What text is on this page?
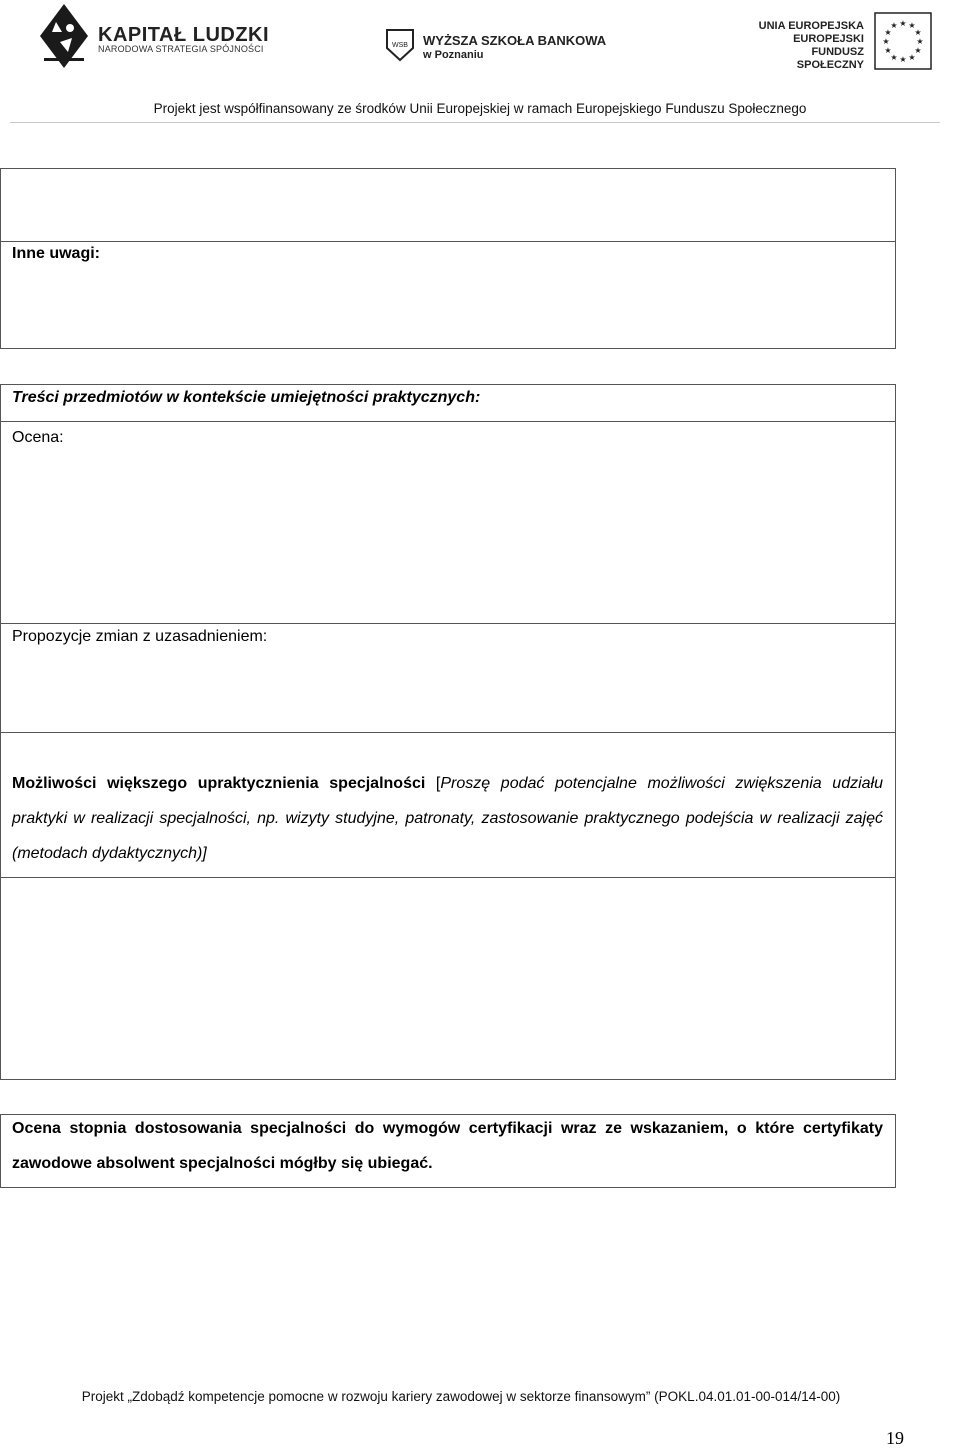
KAPITAŁ LUDZKI
NARODOWA STRATEGIA SPÓJNOŚCI	WSB WYŻSZA SZKOŁA BANKOWA
w Poznaniu
UNIA EUROPEJSKA
EUROPEJSKI
FUNDUSZ SPOŁECZNY
★ ★
★
★
★
★
★
★
★
★
★
★
Projekt jest współfinansowany ze środków Unii Europejskiej w ramach Europejskiego Funduszu Społecznego
Inne uwagi:
Treści przedmiotów w kontekście umiejętności praktycznych:
Ocena:
Propozycje zmian z uzasadnieniem:
Możliwości większego upraktycznienia specjalności [Proszę podać potencjalne możliwości zwiększenia udziału praktyki w realizacji specjalności, np. wizyty studyjne, patronaty, zastosowanie praktycznego podejścia w realizacji zajęć (metodach dydaktycznych)]
Ocena stopnia dostosowania specjalności do wymogów certyfikacji wraz ze wskazaniem, o które certyfikaty zawodowe absolwent specjalności mógłby się ubiegać.
Projekt „Zdobądź kompetencje pomocne w rozwoju kariery zawodowej w sektorze finansowym” (POKL.04.01.01-00-014/14-00)
19
